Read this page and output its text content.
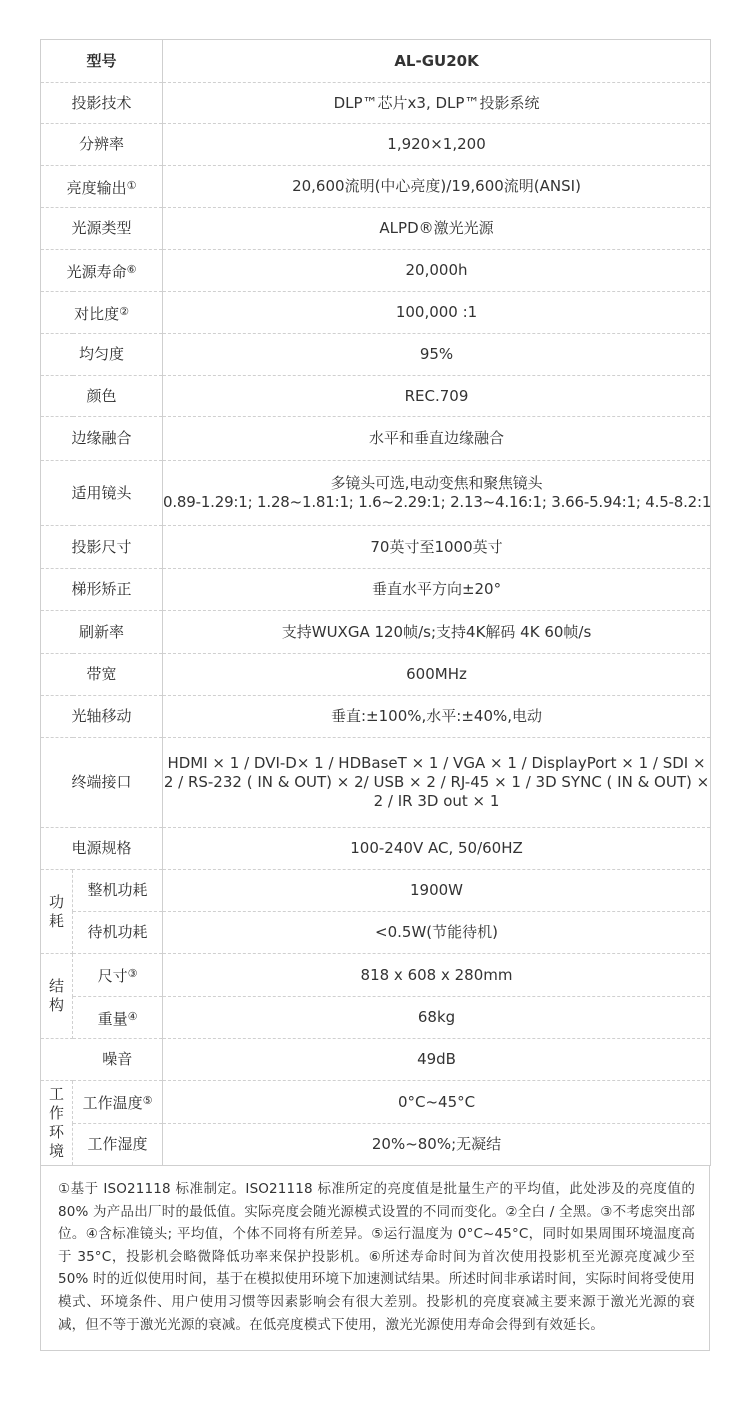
型号		AL-GU20K
投影技术		DLP™芯片x3, DLP™投影系统
分辨率		1,920×1,200
亮度输出①		20,600流明(中心亮度)/19,600流明(ANSI)
光源类型		ALPD®激光光源
光源寿命⑥		20,000h
对比度②		100,000 :1
均匀度		95%
颜色		REC.709
边缘融合		水平和垂直边缘融合
适用镜头		多镜头可选,电动变焦和聚焦镜头
0.89-1.29:1; 1.28~1.81:1; 1.6~2.29:1; 2.13~4.16:1; 3.66-5.94:1; 4.5-8.2:1

投影尺寸		70英寸至1000英寸
梯形矫正		垂直水平方向±20°
刷新率		支持WUXGA 120帧/s;支持4K解码 4K 60帧/s
带宽		600MHz
光轴移动		垂直:±100%,水平:±40%,电动
终端接口		HDMI × 1 / DVI-D× 1 / HDBaseT × 1 / VGA × 1 / DisplayPort × 1 / SDI × 2 / RS-232 ( IN & OUT) × 2/ USB × 2 / RJ-45 × 1 / 3D SYNC ( IN & OUT) × 2 / IR 3D out × 1
电源规格		100-240V AC, 50/60HZ

功
耗	整机功耗	1900W
	待机功耗	<0.5W(节能待机)

结
构	尺寸③	818 x 608 x 280mm
	重量④	68kg
	噪音	49dB

工
作
环
境	工作温度⑤	0°C~45°C
	工作湿度	20%~80%;无凝结
①基于 ISO21118 标准制定。ISO21118 标准所定的亮度值是批量生产的平均值，此处涉及的亮度值的 80% 为产品出厂时的最低值。实际亮度会随光源模式设置的不同而变化。②全白 / 全黑。③不考虑突出部位。④含标准镜头; 平均值，个体不同将有所差异。⑤运行温度为 0°C~45°C，同时如果周围环境温度高于 35°C，投影机会略微降低功率来保护投影机。⑥所述寿命时间为首次使用投影机至光源亮度减少至 50% 时的近似使用时间，基于在模拟使用环境下加速测试结果。所述时间非承诺时间，实际时间将受使用模式、环境条件、用户使用习惯等因素影响会有很大差别。投影机的亮度衰减主要来源于激光光源的衰减，但不等于激光光源的衰减。在低亮度模式下使用，激光光源使用寿命会得到有效延长。
